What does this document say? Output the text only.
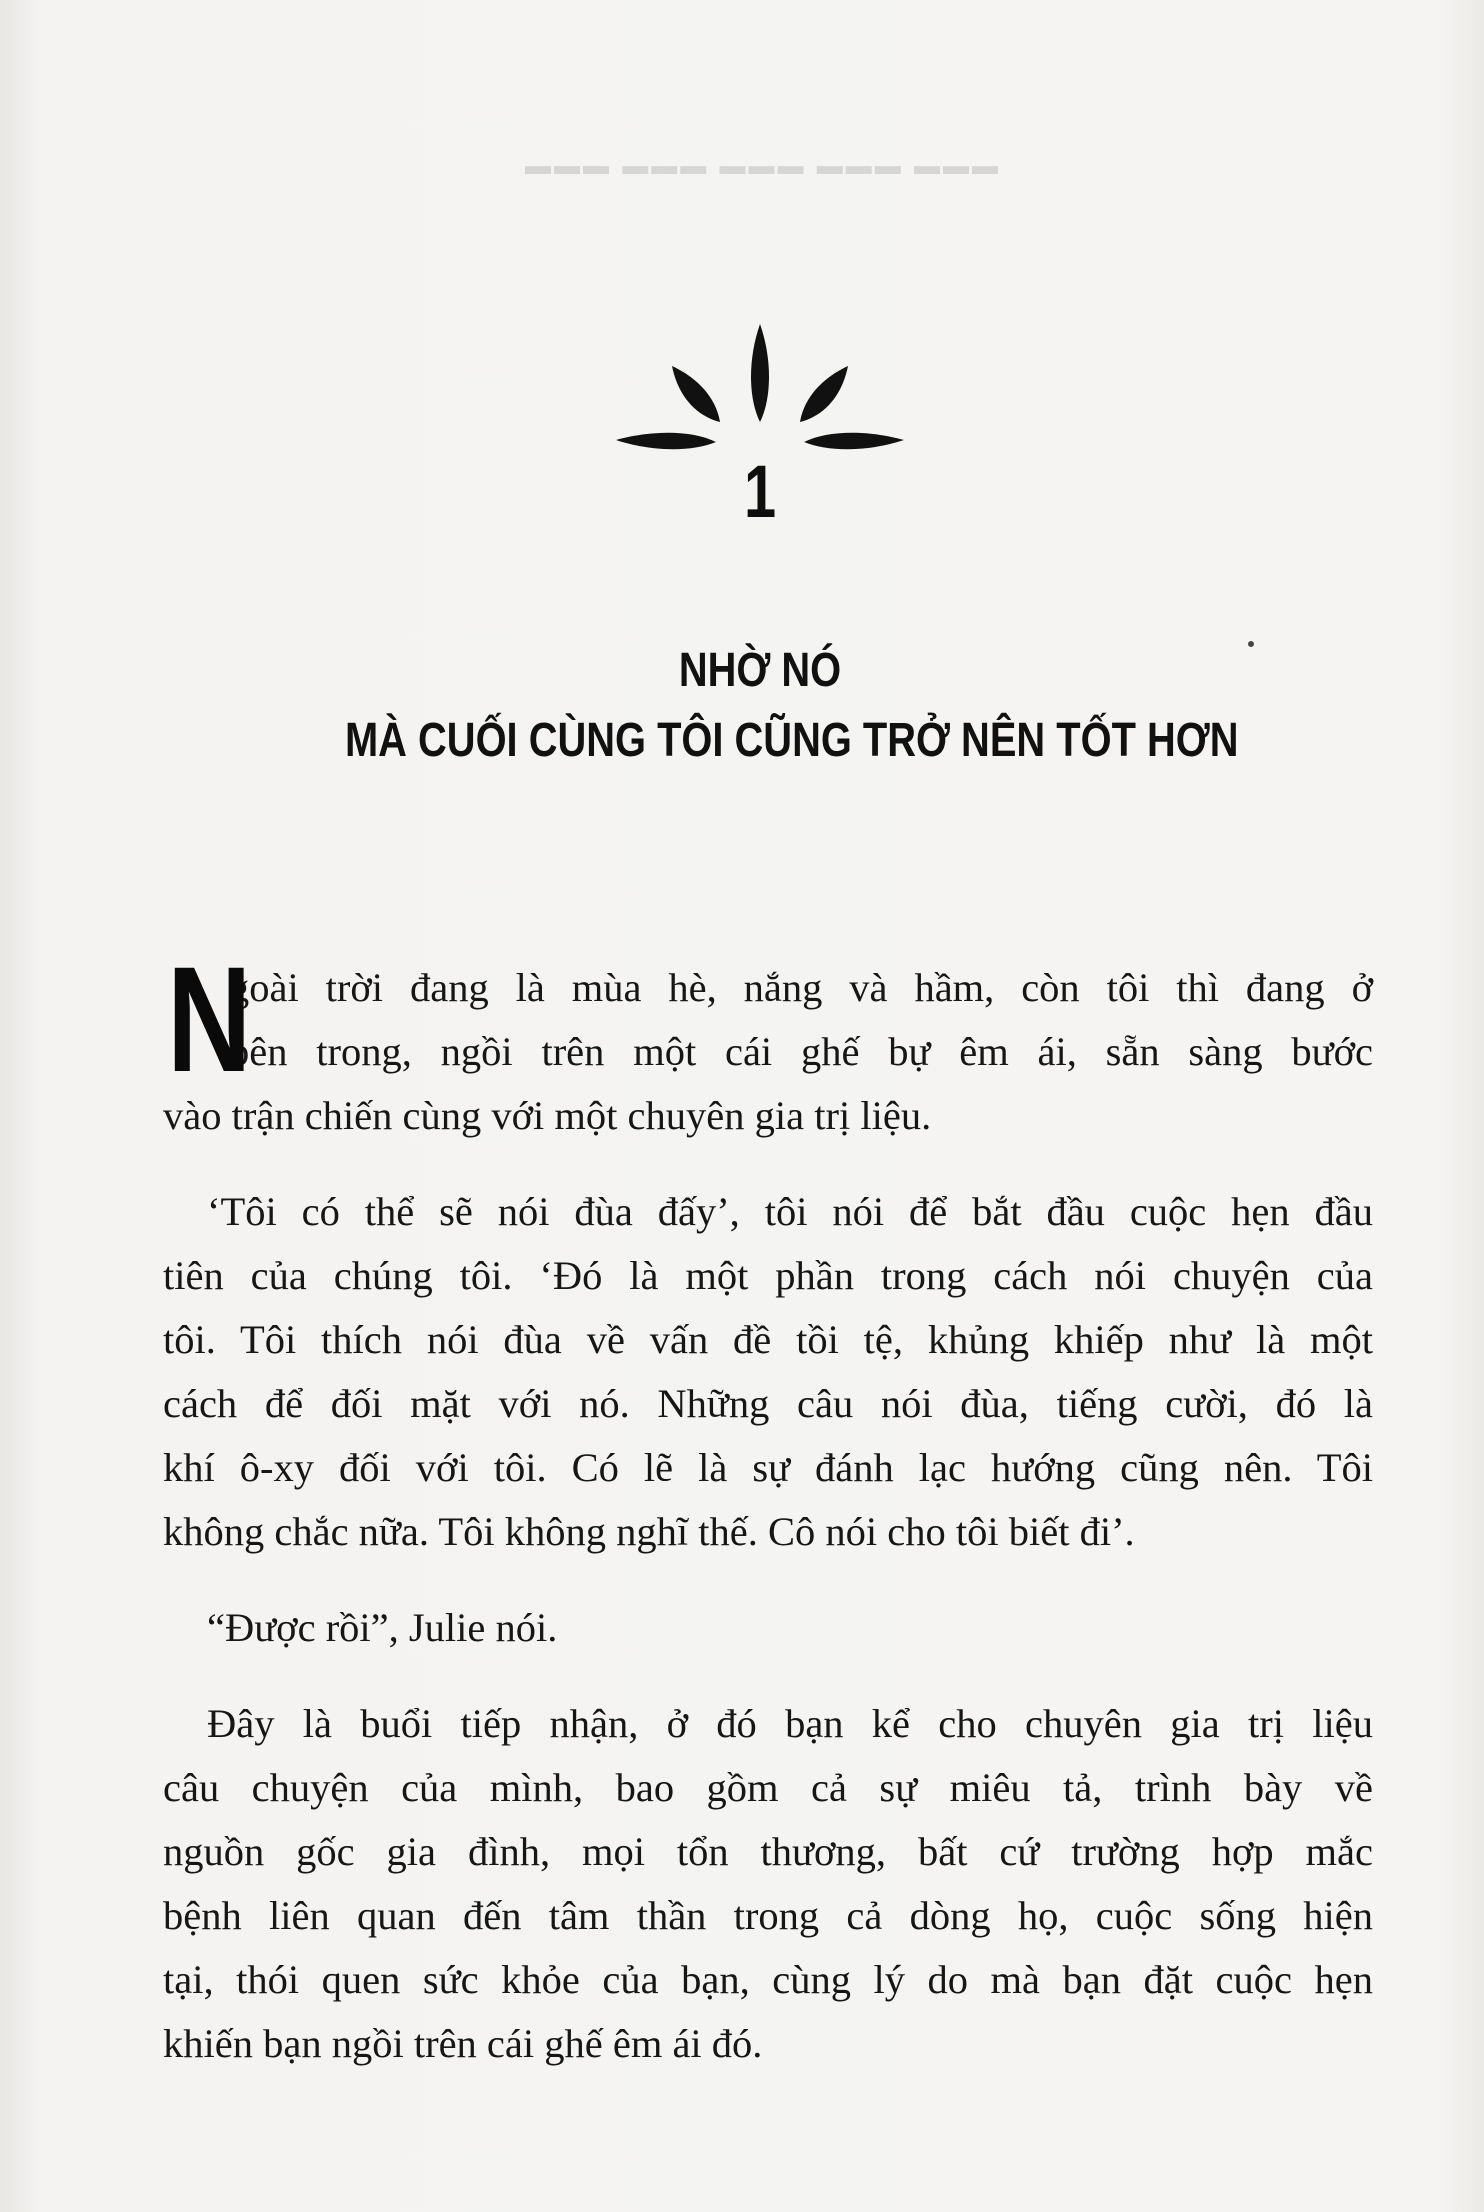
▬▬▬ ▬▬▬ ▬▬▬ ▬▬▬ ▬▬▬
1
NHỜ NÓ
MÀ CUỐI CÙNG TÔI CŨNG TRỞ NÊN TỐT HƠN
N
goài trời đang là mùa hè, nắng và hầm, còn tôi thì đang ở
bên trong, ngồi trên một cái ghế bự êm ái, sẵn sàng bước
vào trận chiến cùng với một chuyên gia trị liệu.
‘Tôi có thể sẽ nói đùa đấy’, tôi nói để bắt đầu cuộc hẹn đầu
tiên của chúng tôi. ‘Đó là một phần trong cách nói chuyện của
tôi. Tôi thích nói đùa về vấn đề tồi tệ, khủng khiếp như là một
cách để đối mặt với nó. Những câu nói đùa, tiếng cười, đó là
khí ô-xy đối với tôi. Có lẽ là sự đánh lạc hướng cũng nên. Tôi
không chắc nữa. Tôi không nghĩ thế. Cô nói cho tôi biết đi’.
“Được rồi”, Julie nói.
Đây là buổi tiếp nhận, ở đó bạn kể cho chuyên gia trị liệu
câu chuyện của mình, bao gồm cả sự miêu tả, trình bày về
nguồn gốc gia đình, mọi tổn thương, bất cứ trường hợp mắc
bệnh liên quan đến tâm thần trong cả dòng họ, cuộc sống hiện
tại, thói quen sức khỏe của bạn, cùng lý do mà bạn đặt cuộc hẹn
khiến bạn ngồi trên cái ghế êm ái đó.
